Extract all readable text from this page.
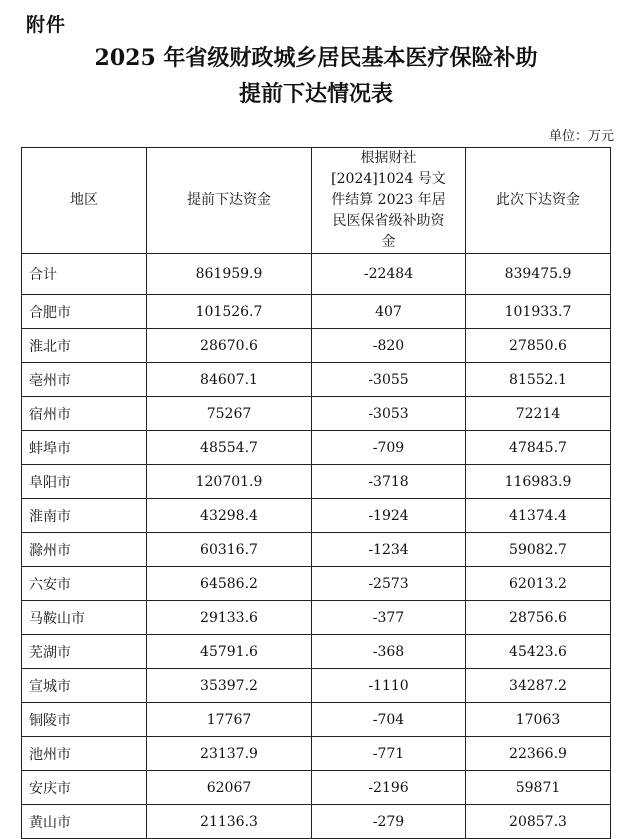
附件
2025 年省级财政城乡居民基本医疗保险补助
提前下达情况表
单位：万元
地区	提前下达资金	根据财社[2024]1024 号文件结算 2023 年居民医保省级补助资金	此次下达资金
合计	861959.9	-22484	839475.9
合肥市	101526.7	407	101933.7
淮北市	28670.6	-820	27850.6
亳州市	84607.1	-3055	81552.1
宿州市	75267	-3053	72214
蚌埠市	48554.7	-709	47845.7
阜阳市	120701.9	-3718	116983.9
淮南市	43298.4	-1924	41374.4
滁州市	60316.7	-1234	59082.7
六安市	64586.2	-2573	62013.2
马鞍山市	29133.6	-377	28756.6
芜湖市	45791.6	-368	45423.6
宣城市	35397.2	-1110	34287.2
铜陵市	17767	-704	17063
池州市	23137.9	-771	22366.9
安庆市	62067	-2196	59871
黄山市	21136.3	-279	20857.3
